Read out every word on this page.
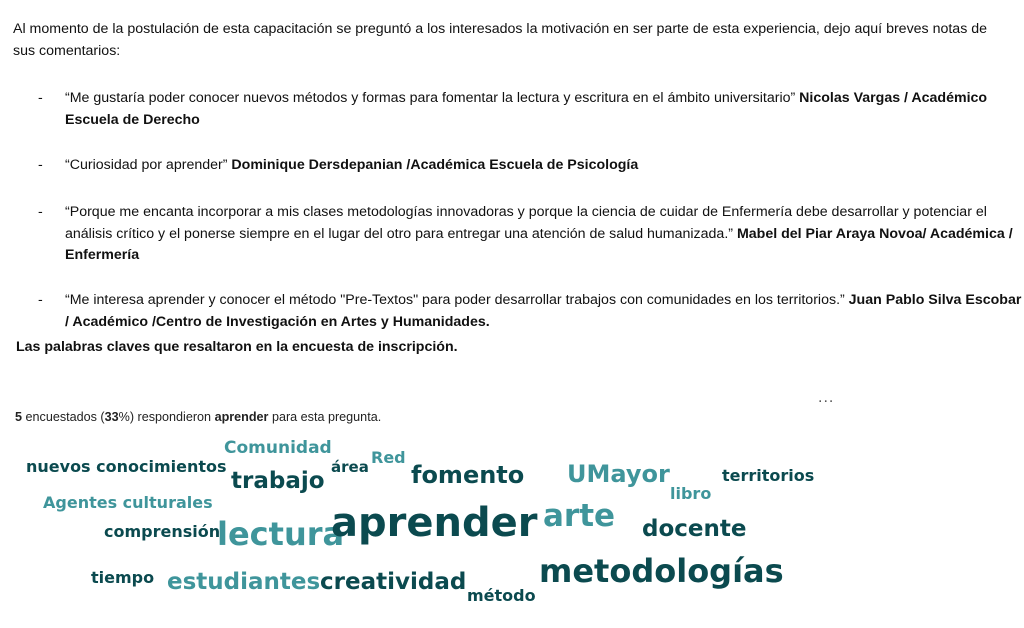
Al momento de la postulación de esta capacitación se preguntó a los interesados la motivación en ser parte de esta experiencia, dejo aquí breves notas de sus comentarios:
- “Me gustaría poder conocer nuevos métodos y formas para fomentar la lectura y escritura en el ámbito universitario” Nicolas Vargas / Académico Escuela de Derecho
- “Curiosidad por aprender” Dominique Dersdepanian /Académica Escuela de Psicología
- “Porque me encanta incorporar a mis clases metodologías innovadoras y porque la ciencia de cuidar de Enfermería debe desarrollar y potenciar el análisis crítico y el ponerse siempre en el lugar del otro para entregar una atención de salud humanizada.” Mabel del Piar Araya Novoa/ Académica / Enfermería
- “Me interesa aprender y conocer el método "Pre-Textos" para poder desarrollar trabajos con comunidades en los territorios.” Juan Pablo Silva Escobar / Académico /Centro de Investigación en Artes y Humanidades.
Las palabras claves que resaltaron en la encuesta de inscripción.
...
5 encuestados (33%) respondieron aprender para esta pregunta.
Comunidad
nuevos conocimientos
trabajo
área Red
fomento UMayor
libro
territorios
Agentes culturales
comprensión
lectura
aprender arte docente
tiempo estudiantes creatividad
método
metodologías
